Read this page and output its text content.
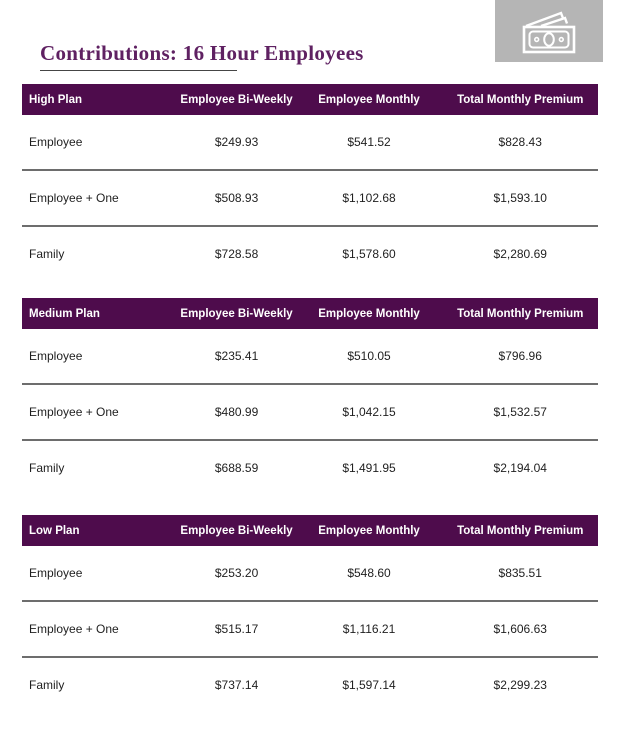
Contributions: 16 Hour Employees
High Plan	Employee Bi-Weekly	Employee Monthly	Total Monthly Premium
Employee	$249.93	$541.52	$828.43
Employee + One	$508.93	$1,102.68	$1,593.10
Family	$728.58	$1,578.60	$2,280.69
Medium Plan	Employee Bi-Weekly	Employee Monthly	Total Monthly Premium
Employee	$235.41	$510.05	$796.96
Employee + One	$480.99	$1,042.15	$1,532.57
Family	$688.59	$1,491.95	$2,194.04
Low Plan	Employee Bi-Weekly	Employee Monthly	Total Monthly Premium
Employee	$253.20	$548.60	$835.51
Employee + One	$515.17	$1,116.21	$1,606.63
Family	$737.14	$1,597.14	$2,299.23
